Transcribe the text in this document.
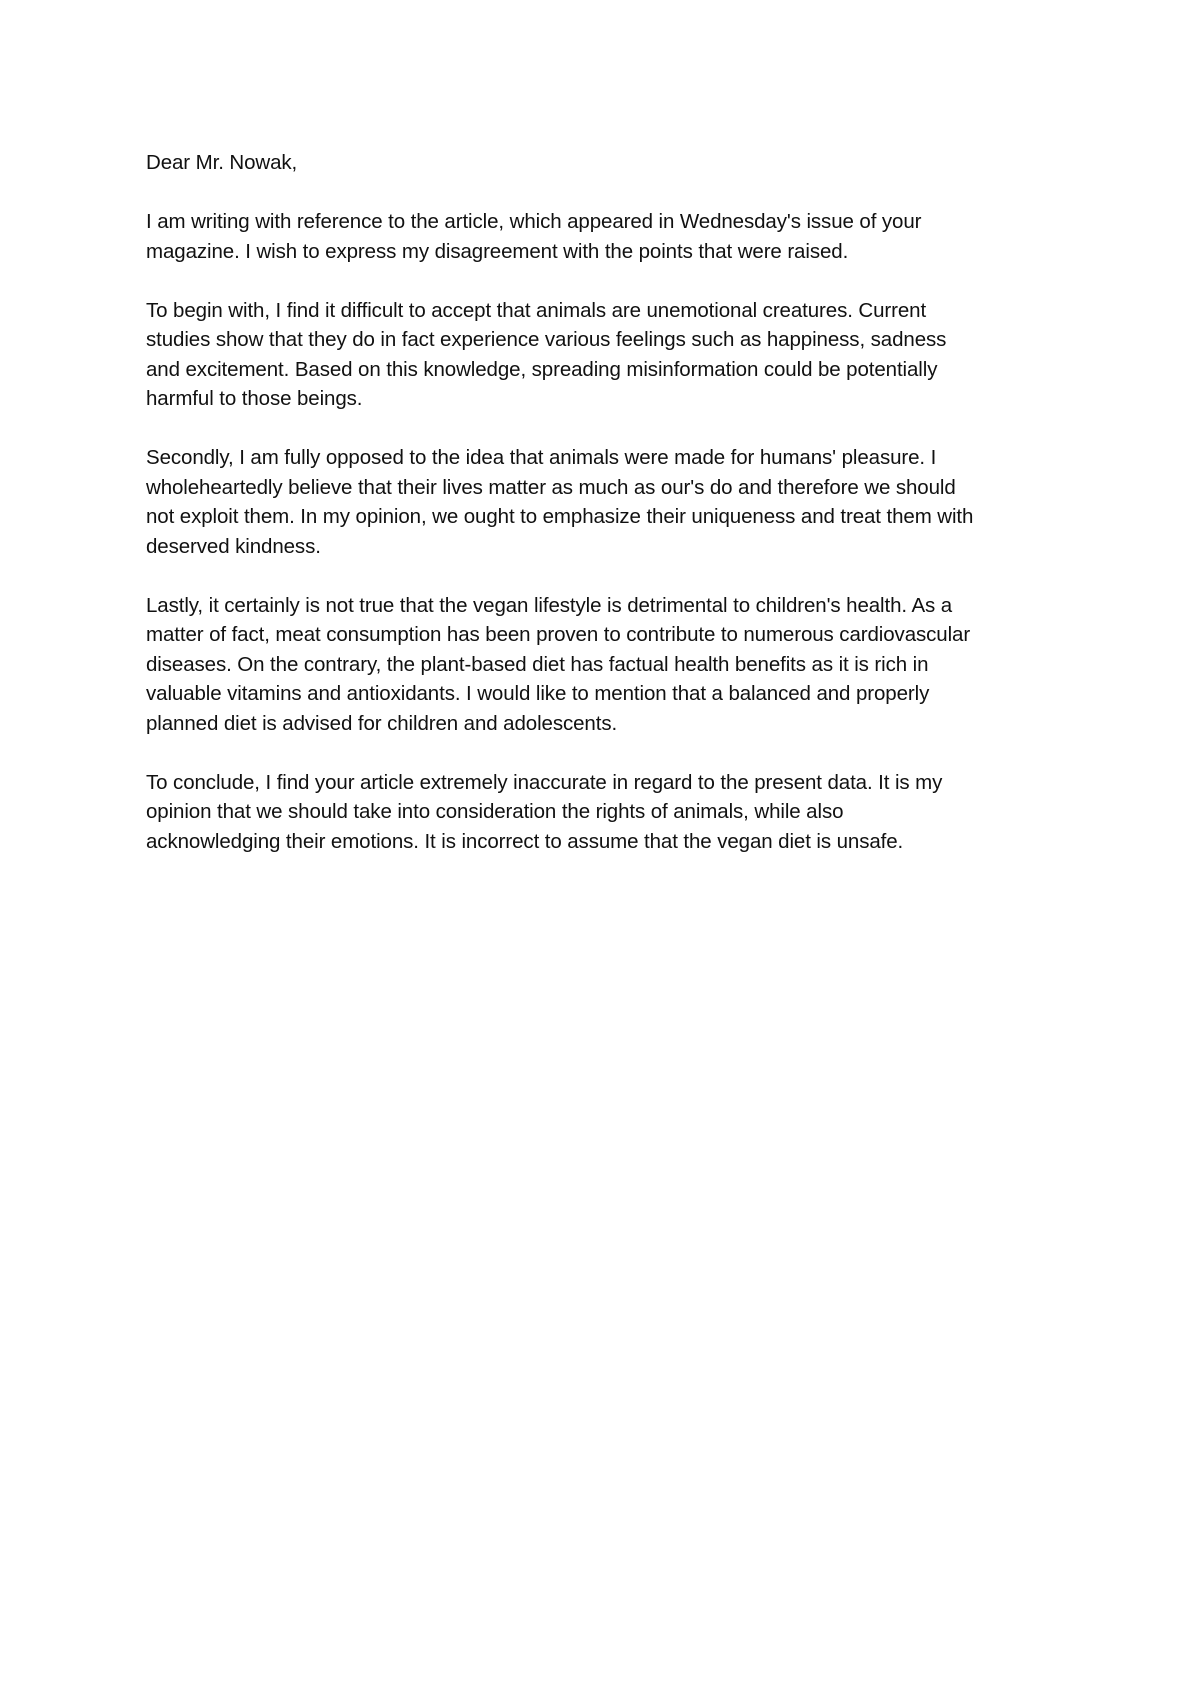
Dear Mr. Nowak,

I am writing with reference to the article, which appeared in Wednesday's issue of your
magazine. I wish to express my disagreement with the points that were raised.

To begin with, I find it difficult to accept that animals are unemotional creatures. Current
studies show that they do in fact experience various feelings such as happiness, sadness
and excitement. Based on this knowledge, spreading misinformation could be potentially
harmful to those beings.

Secondly, I am fully opposed to the idea that animals were made for humans' pleasure. I
wholeheartedly believe that their lives matter as much as our's do and therefore we should
not exploit them. In my opinion, we ought to emphasize their uniqueness and treat them with
deserved kindness.

Lastly, it certainly is not true that the vegan lifestyle is detrimental to children's health. As a
matter of fact, meat consumption has been proven to contribute to numerous cardiovascular
diseases. On the contrary, the plant-based diet has factual health benefits as it is rich in
valuable vitamins and antioxidants. I would like to mention that a balanced and properly
planned diet is advised for children and adolescents.

To conclude, I find your article extremely inaccurate in regard to the present data. It is my
opinion that we should take into consideration the rights of animals, while also
acknowledging their emotions. It is incorrect to assume that the vegan diet is unsafe.
